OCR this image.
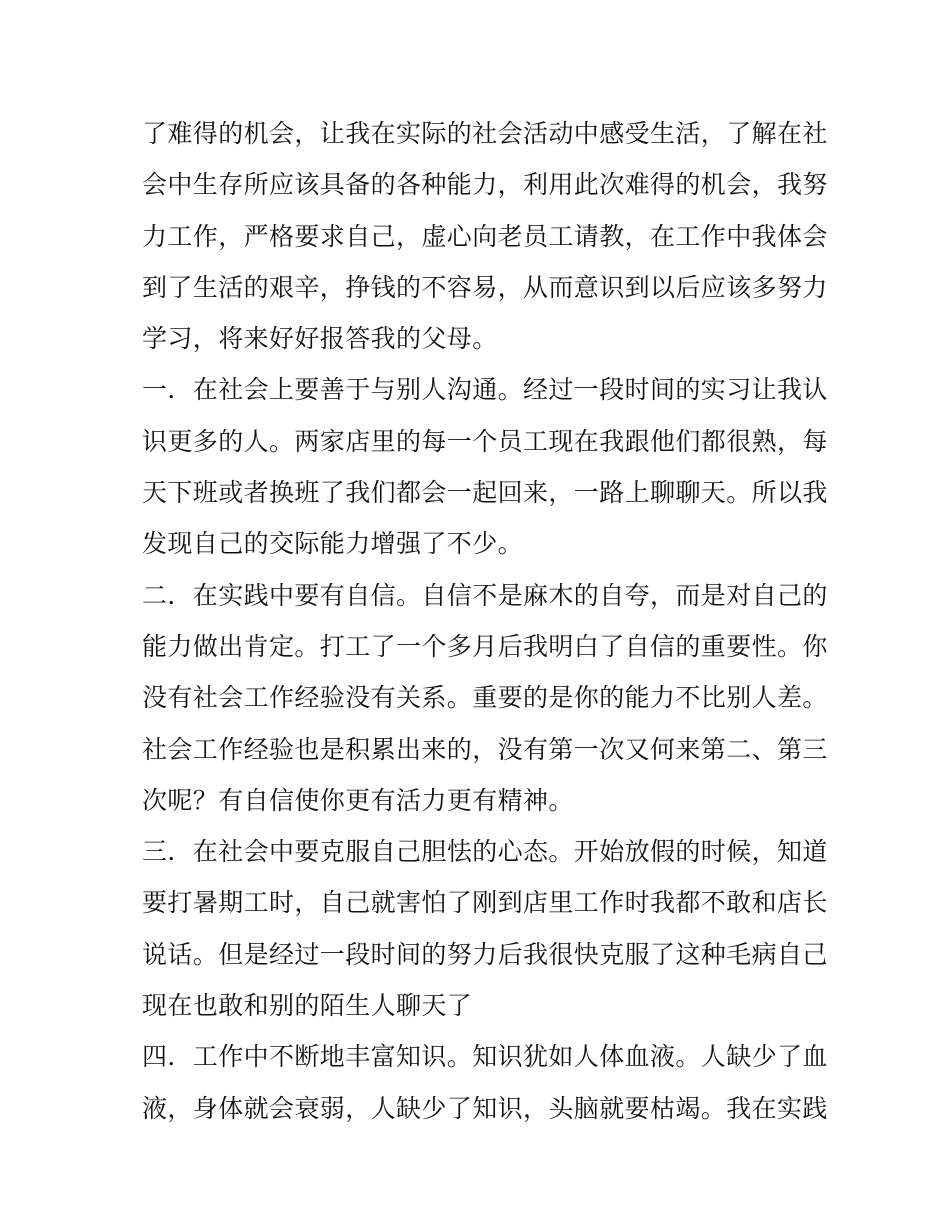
了难得的机会，让我在实际的社会活动中感受生活，了解在社
会中生存所应该具备的各种能力，利用此次难得的机会，我努
力工作，严格要求自己，虚心向老员工请教，在工作中我体会
到了生活的艰辛，挣钱的不容易，从而意识到以后应该多努力
学习，将来好好报答我的父母。
一．在社会上要善于与别人沟通。经过一段时间的实习让我认
识更多的人。两家店里的每一个员工现在我跟他们都很熟，每
天下班或者换班了我们都会一起回来，一路上聊聊天。所以我
发现自己的交际能力增强了不少。
二．在实践中要有自信。自信不是麻木的自夸，而是对自己的
能力做出肯定。打工了一个多月后我明白了自信的重要性。你
没有社会工作经验没有关系。重要的是你的能力不比别人差。
社会工作经验也是积累出来的，没有第一次又何来第二、第三
次呢？有自信使你更有活力更有精神。
三．在社会中要克服自己胆怯的心态。开始放假的时候，知道
要打暑期工时，自己就害怕了刚到店里工作时我都不敢和店长
说话。但是经过一段时间的努力后我很快克服了这种毛病自己
现在也敢和别的陌生人聊天了
四．工作中不断地丰富知识。知识犹如人体血液。人缺少了血
液，身体就会衰弱，人缺少了知识，头脑就要枯竭。我在实践
